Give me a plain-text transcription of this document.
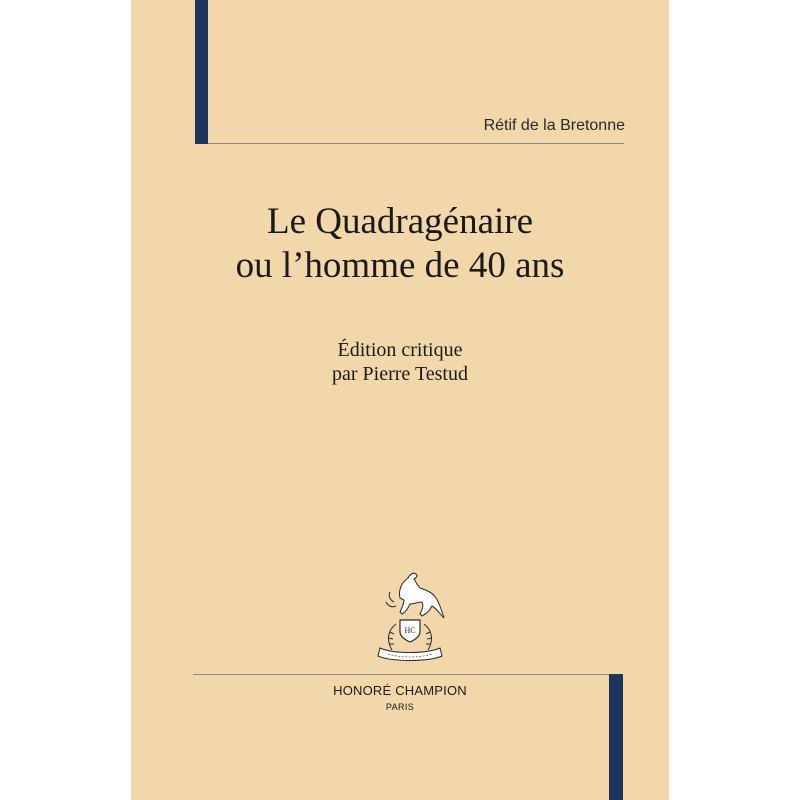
Rétif de la Bretonne
Le Quadragénaire
ou l’homme de 40 ans
Édition critique
par Pierre Testud
HC
HONORÉ CHAMPION
PARIS
